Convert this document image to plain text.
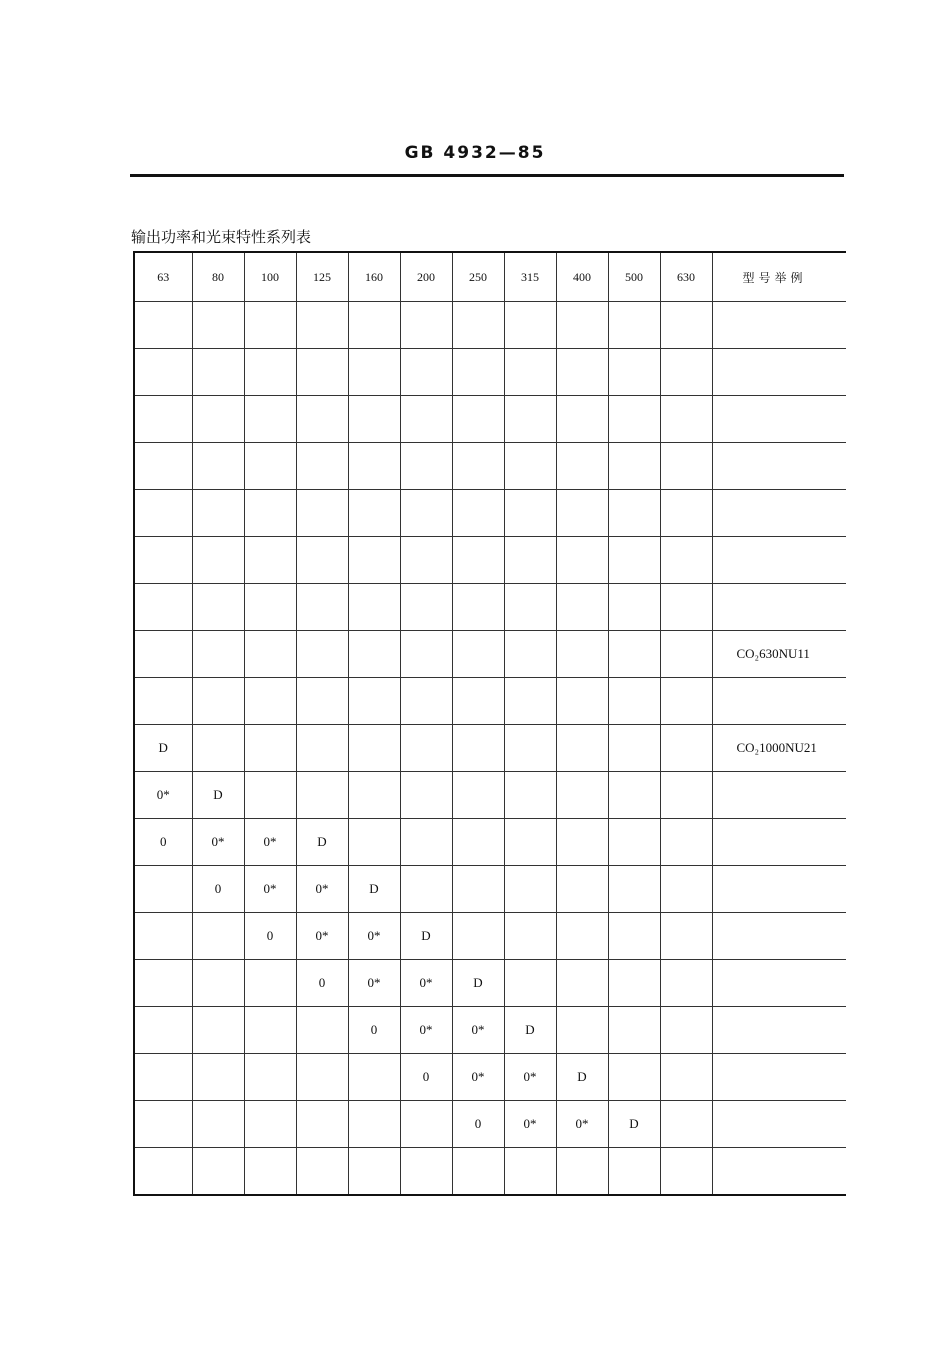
GB 4932—85
输出功率和光束特性系列表
63	80	100	125	160	200	250	315	400	500	630	型号举例

											CO₂630NU11

D											CO₂1000NU21
0*	D										
0	0*	0*	D								
	0	0*	0*	D							
		0	0*	0*	D						
			0	0*	0*	D					
				0	0*	0*	D				
					0	0*	0*	D			
						0	0*	0*	D		
